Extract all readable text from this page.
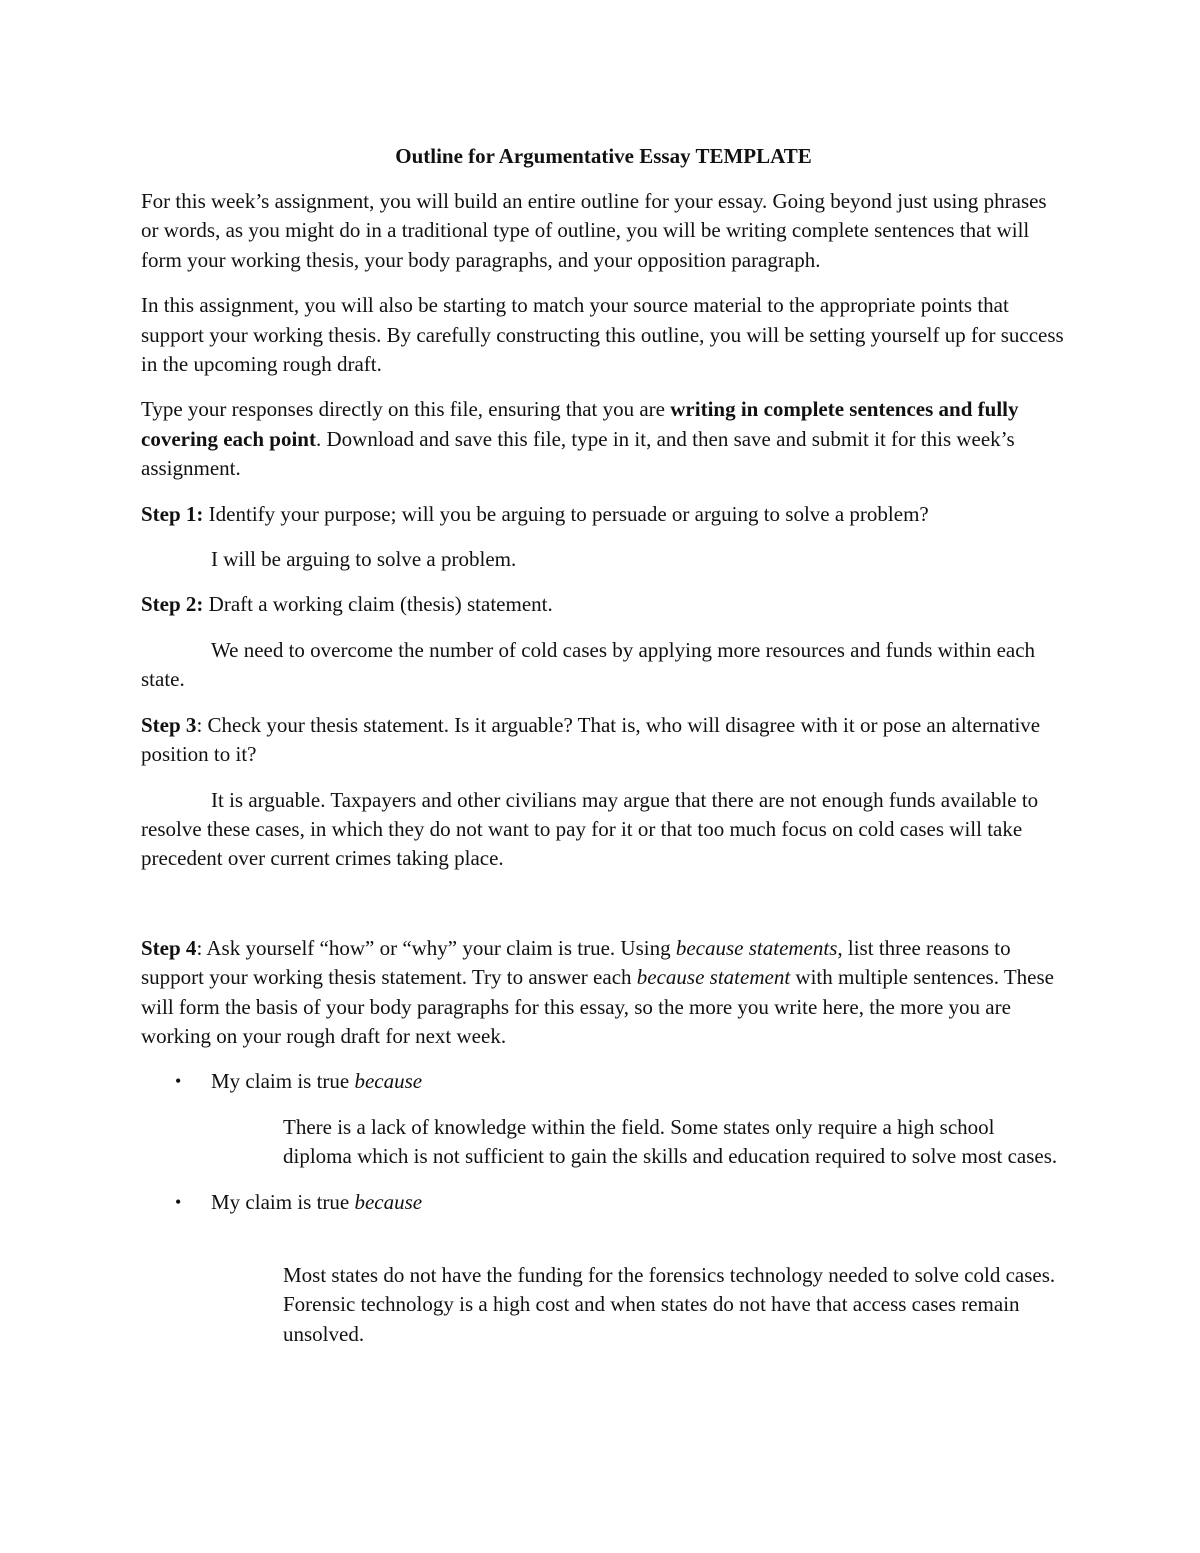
Outline for Argumentative Essay TEMPLATE

For this week’s assignment, you will build an entire outline for your essay. Going beyond just using phrases or words, as you might do in a traditional type of outline, you will be writing complete sentences that will form your working thesis, your body paragraphs, and your opposition paragraph.

In this assignment, you will also be starting to match your source material to the appropriate points that support your working thesis. By carefully constructing this outline, you will be setting yourself up for success in the upcoming rough draft.

Type your responses directly on this file, ensuring that you are writing in complete sentences and fully covering each point. Download and save this file, type in it, and then save and submit it for this week’s assignment.

Step 1: Identify your purpose; will you be arguing to persuade or arguing to solve a problem?

I will be arguing to solve a problem.

Step 2: Draft a working claim (thesis) statement.

We need to overcome the number of cold cases by applying more resources and funds within each state.

Step 3: Check your thesis statement. Is it arguable? That is, who will disagree with it or pose an alternative position to it?

It is arguable. Taxpayers and other civilians may argue that there are not enough funds available to resolve these cases, in which they do not want to pay for it or that too much focus on cold cases will take precedent over current crimes taking place.

Step 4: Ask yourself “how” or “why” your claim is true. Using because statements, list three reasons to support your working thesis statement. Try to answer each because statement with multiple sentences. These will form the basis of your body paragraphs for this essay, so the more you write here, the more you are working on your rough draft for next week.

• My claim is true because

There is a lack of knowledge within the field. Some states only require a high school diploma which is not sufficient to gain the skills and education required to solve most cases.

• My claim is true because

Most states do not have the funding for the forensics technology needed to solve cold cases. Forensic technology is a high cost and when states do not have that access cases remain unsolved.
